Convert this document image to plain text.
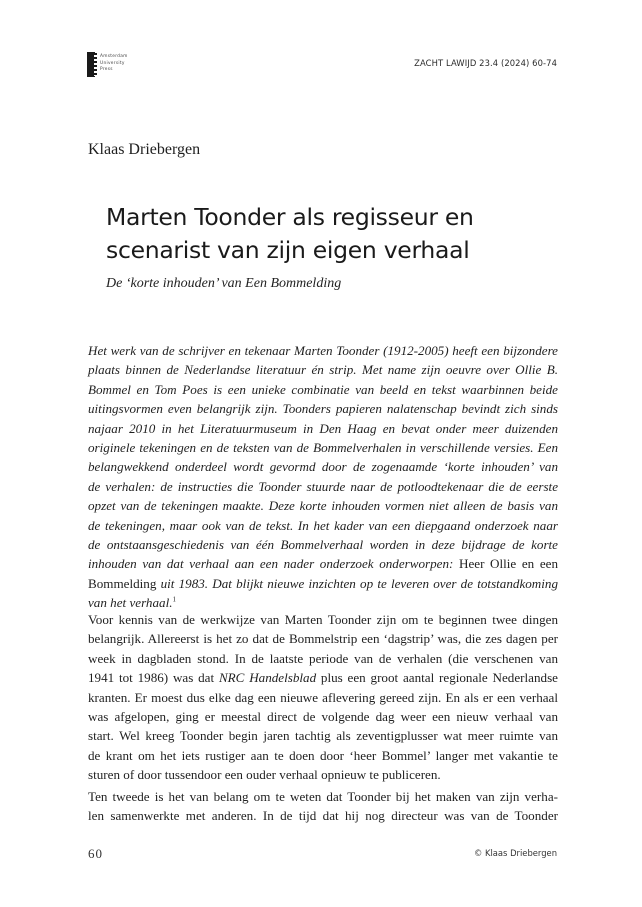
Amsterdam
University
Press
ZACHT LAWIJD 23.4 (2024) 60-74
Klaas Driebergen
Marten Toonder als regisseur en
scenarist van zijn eigen verhaal
De ‘korte inhouden’ van Een Bommelding
Het werk van de schrijver en tekenaar Marten Toonder (1912-2005) heeft een bijzondere
plaats binnen de Nederlandse literatuur én strip. Met name zijn oeuvre over Ollie B.
Bommel en Tom Poes is een unieke combinatie van beeld en tekst waarbinnen beide
uitingsvormen even belangrijk zijn. Toonders papieren nalatenschap bevindt zich sinds
najaar 2010 in het Literatuurmuseum in Den Haag en bevat onder meer duizenden
originele tekeningen en de teksten van de Bommelverhalen in verschillende versies. Een
belangwekkend onderdeel wordt gevormd door de zogenaamde ‘korte inhouden’ van
de verhalen: de instructies die Toonder stuurde naar de potloodtekenaar die de eerste
opzet van de tekeningen maakte. Deze korte inhouden vormen niet alleen de basis van
de tekeningen, maar ook van de tekst. In het kader van een diepgaand onderzoek naar
de ontstaansgeschiedenis van één Bommelverhaal worden in deze bijdrage de korte
inhouden van dat verhaal aan een nader onderzoek onderworpen: Heer Ollie en een
Bommelding uit 1983. Dat blijkt nieuwe inzichten op te leveren over de totstandkoming
van het verhaal.$^1$
Voor kennis van de werkwijze van Marten Toonder zijn om te beginnen twee dingen
belangrijk. Allereerst is het zo dat de Bommelstrip een ‘dagstrip’ was, die zes dagen per
week in dagbladen stond. In de laatste periode van de verhalen (die verschenen van
1941 tot 1986) was dat NRC Handelsblad plus een groot aantal regionale Nederlandse
kranten. Er moest dus elke dag een nieuwe aflevering gereed zijn. En als er een verhaal
was afgelopen, ging er meestal direct de volgende dag weer een nieuw verhaal van
start. Wel kreeg Toonder begin jaren tachtig als zeventigplusser wat meer ruimte van
de krant om het iets rustiger aan te doen door ‘heer Bommel’ langer met vakantie te
sturen of door tussendoor een ouder verhaal opnieuw te publiceren.
Ten tweede is het van belang om te weten dat Toonder bij het maken van zijn verha-
len samenwerkte met anderen. In de tijd dat hij nog directeur was van de Toonder
60	© Klaas Driebergen
